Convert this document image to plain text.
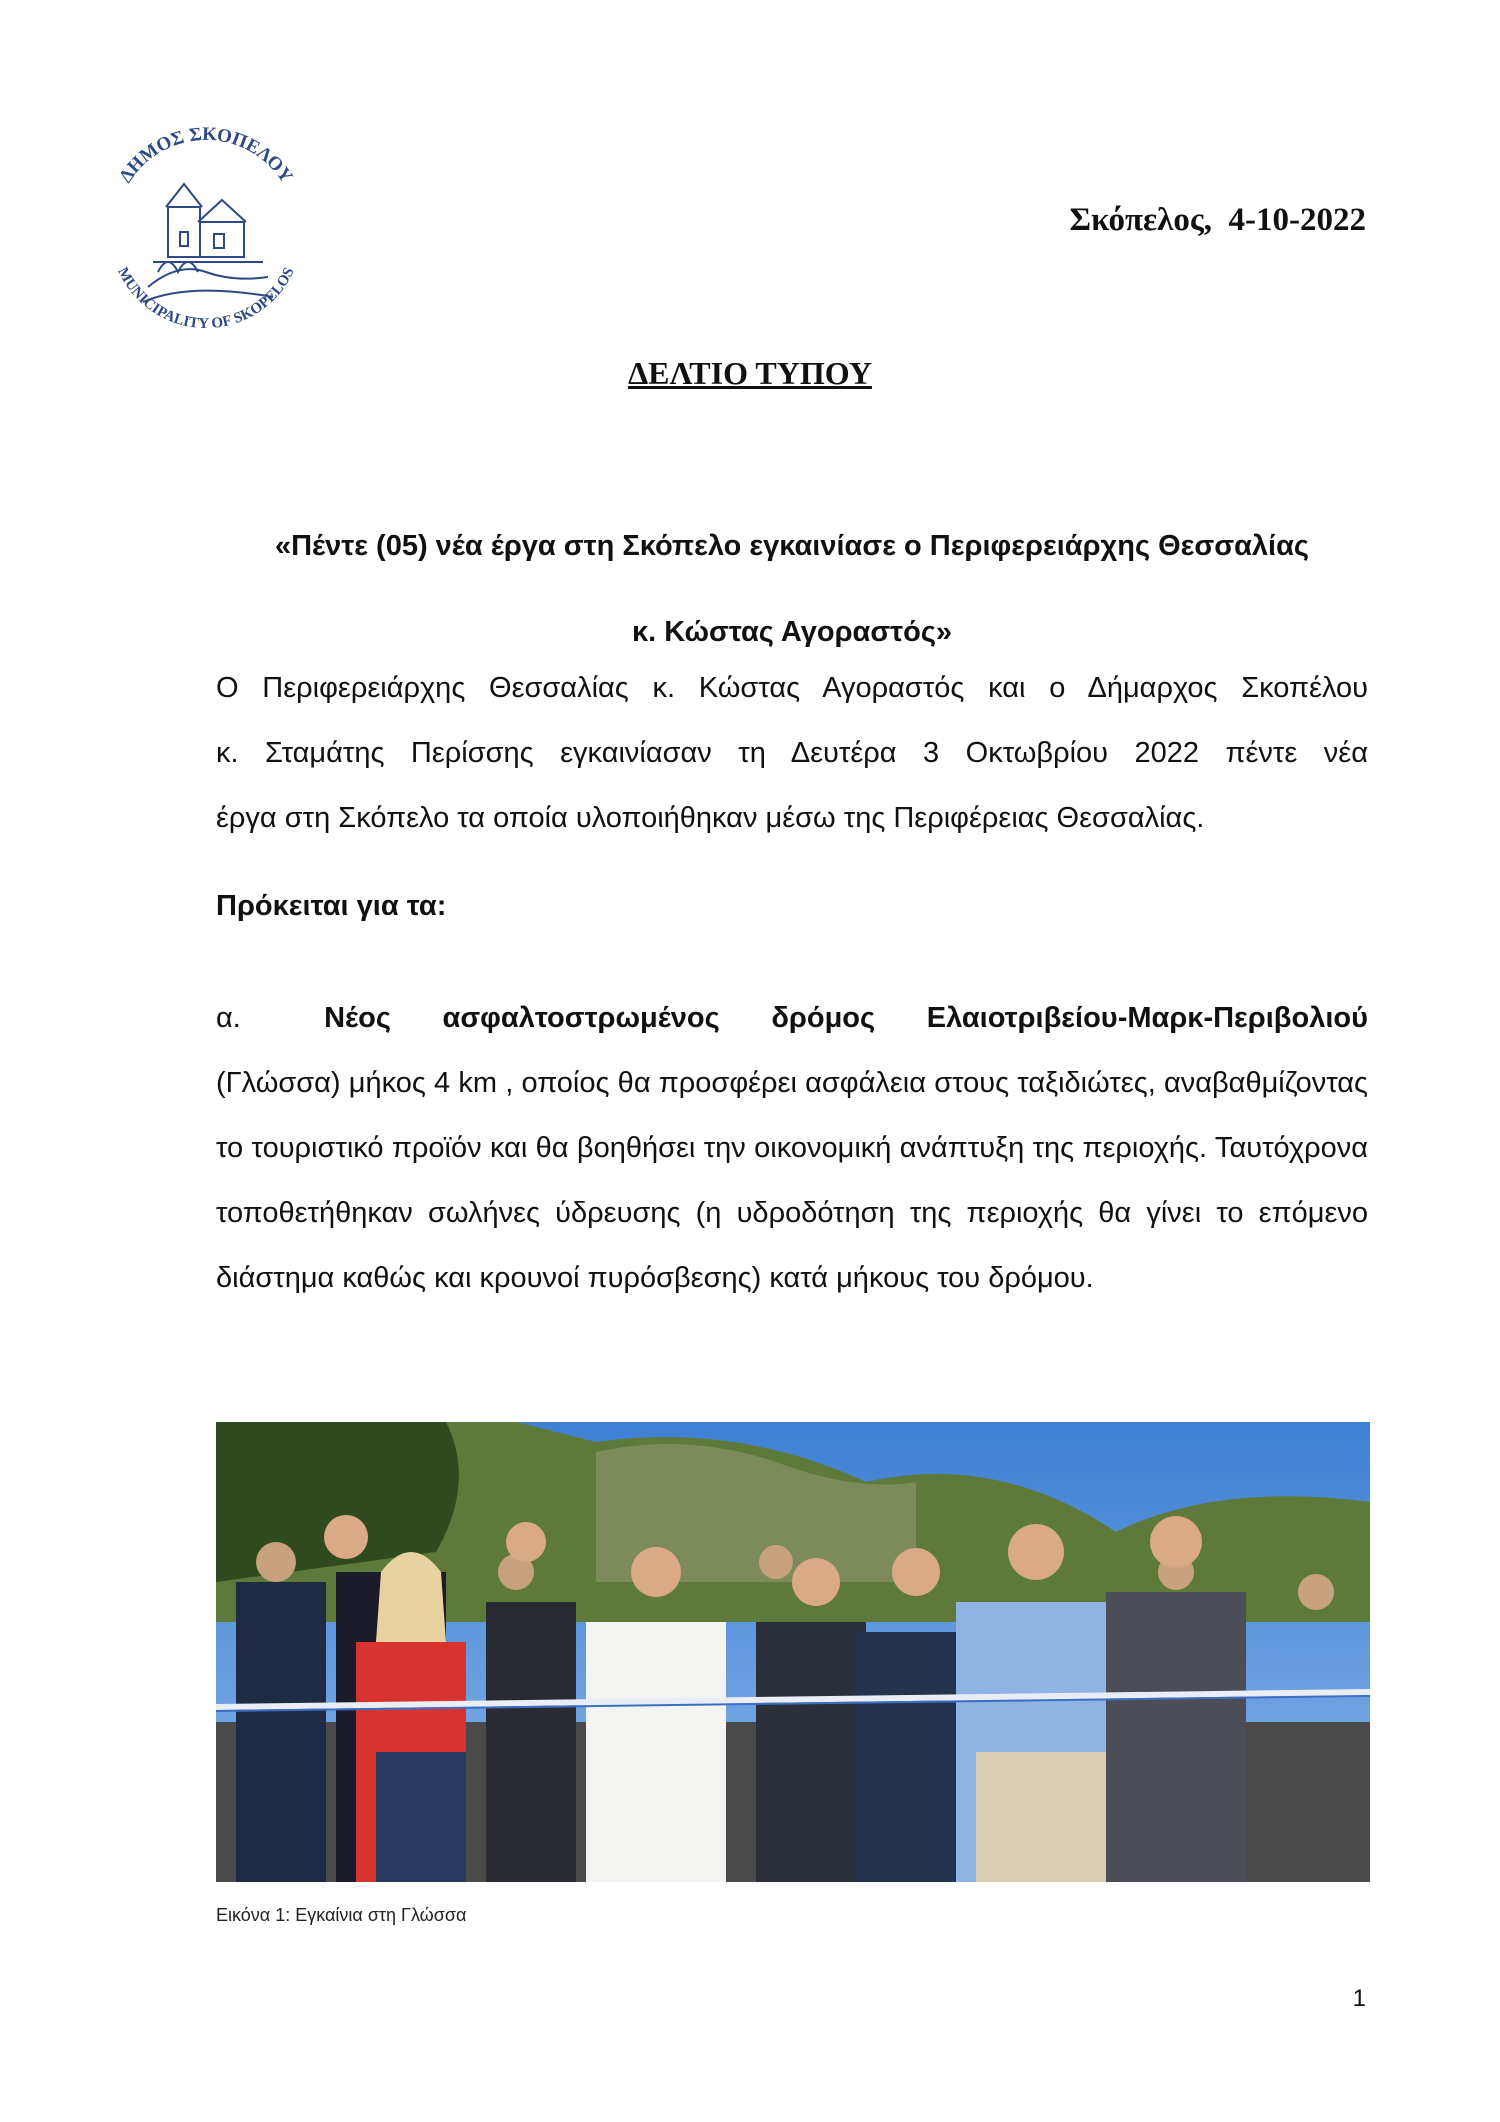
ΔΗΜΟΣ ΣΚΟΠΕΛΟΥ
MUNICIPALITY OF SKOPELOS
Σκόπελος,  4-10-2022
ΔΕΛΤΙΟ ΤΥΠΟΥ
«Πέντε (05) νέα έργα στη Σκόπελο εγκαινίασε ο Περιφερειάρχης Θεσσαλίας
κ. Κώστας Αγοραστός»
Ο Περιφερειάρχης Θεσσαλίας κ. Κώστας Αγοραστός και ο Δήμαρχος Σκοπέλου
κ. Σταμάτης Περίσσης εγκαινίασαν τη Δευτέρα 3 Οκτωβρίου 2022 πέντε νέα
έργα στη Σκόπελο τα οποία υλοποιήθηκαν μέσω της Περιφέρειας Θεσσαλίας.
Πρόκειται για τα:
α.	Νέος ασφαλτοστρωμένος δρόμος Ελαιοτριβείου-Μαρκ-Περιβολιού (Γλώσσα) μήκος 4 km , οποίος θα προσφέρει ασφάλεια στους ταξιδιώτες, αναβαθμίζοντας το τουριστικό προϊόν και θα βοηθήσει την οικονομική ανάπτυξη της περιοχής. Ταυτόχρονα τοποθετήθηκαν σωλήνες ύδρευσης (η υδροδότηση της περιοχής θα γίνει το επόμενο διάστημα καθώς και κρουνοί πυρόσβεσης) κατά μήκους του δρόμου.
Εικόνα 1: Εγκαίνια στη Γλώσσα
1
